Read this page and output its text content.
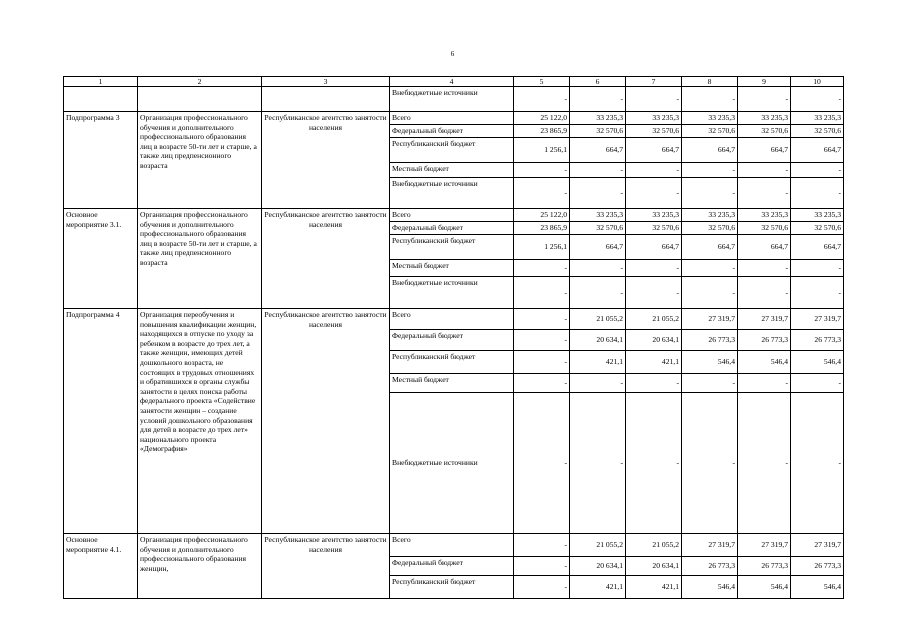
6
1	2	3	4	5	6	7	8	9	10
			Внебюджетные источники	-	-	-	-	-	-
Подпрограмма 3	Организация профессионального обучения и дополнительного профессионального образования лиц в возрасте 50-ти лет и старше, а также лиц предпенсионного возраста	Республиканское агентство занятости населения	Всего	25 122,0	33 235,3	33 235,3	33 235,3	33 235,3	33 235,3
			Федеральный бюджет	23 865,9	32 570,6	32 570,6	32 570,6	32 570,6	32 570,6
			Республиканский бюджет	1 256,1	664,7	664,7	664,7	664,7	664,7
			Местный бюджет	-	-	-	-	-	-
			Внебюджетные источники	-	-	-	-	-	-
Основное мероприятие 3.1.	Организация профессионального обучения и дополнительного профессионального образования лиц в возрасте 50-ти лет и старше, а также лиц предпенсионного возраста	Республиканское агентство занятости населения	Всего	25 122,0	33 235,3	33 235,3	33 235,3	33 235,3	33 235,3
			Федеральный бюджет	23 865,9	32 570,6	32 570,6	32 570,6	32 570,6	32 570,6
			Республиканский бюджет	1 256,1	664,7	664,7	664,7	664,7	664,7
			Местный бюджет	-	-	-	-	-	-
			Внебюджетные источники	-	-	-	-	-	-
Подпрограмма 4	Организация переобучения и повышения квалификации женщин, находящихся в отпуске по уходу за ребенком в возрасте до трех лет, а также женщин, имеющих детей дошкольного возраста, не состоящих в трудовых отношениях и обратившихся в органы службы занятости в целях поиска работы федерального проекта «Содействие занятости женщин – создание условий дошкольного образования для детей в возрасте до трех лет» национального проекта «Демография»	Республиканское агентство занятости населения	Всего	-	21 055,2	21 055,2	27 319,7	27 319,7	27 319,7
			Федеральный бюджет	-	20 634,1	20 634,1	26 773,3	26 773,3	26 773,3
			Республиканский бюджет	-	421,1	421,1	546,4	546,4	546,4
			Местный бюджет	-	-	-	-	-	-
			Внебюджетные источники	-	-	-	-	-	-
Основное мероприятие 4.1.	Организация профессионального обучения и дополнительного профессионального образования женщин,	Республиканское агентство занятости населения	Всего	-	21 055,2	21 055,2	27 319,7	27 319,7	27 319,7
			Федеральный бюджет	-	20 634,1	20 634,1	26 773,3	26 773,3	26 773,3
			Республиканский бюджет	-	421,1	421,1	546,4	546,4	546,4
